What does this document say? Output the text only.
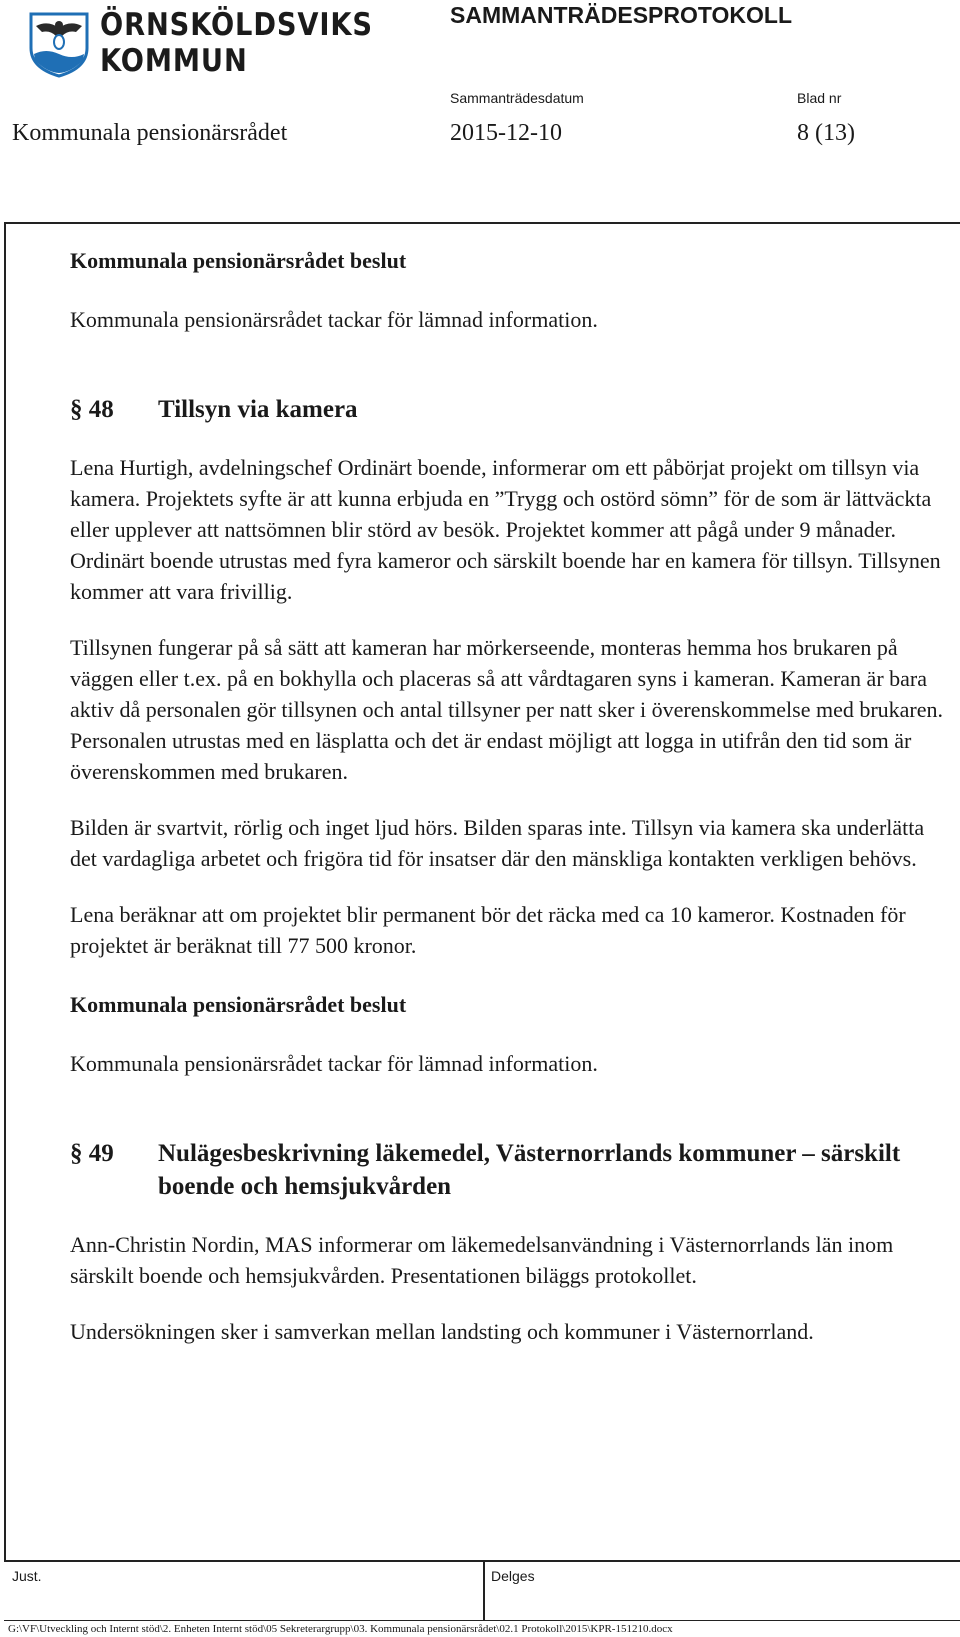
ÖRNSKÖLDSVIKS
KOMMUN
SAMMANTRÄDESPROTOKOLL
Sammanträdesdatum	Blad nr
Kommunala pensionärsrådet	2015-12-10	8 (13)

Kommunala pensionärsrådet beslut

Kommunala pensionärsrådet tackar för lämnad information.

§ 48	Tillsyn via kamera

Lena Hurtigh, avdelningschef Ordinärt boende, informerar om ett påbörjat projekt om tillsyn via kamera. Projektets syfte är att kunna erbjuda en ”Trygg och ostörd sömn” för de som är lättväckta eller upplever att nattsömnen blir störd av besök. Projektet kommer att pågå under 9 månader. Ordinärt boende utrustas med fyra kameror och särskilt boende har en kamera för tillsyn. Tillsynen kommer att vara frivillig.

Tillsynen fungerar på så sätt att kameran har mörkerseende, monteras hemma hos brukaren på väggen eller t.ex. på en bokhylla och placeras så att vårdtagaren syns i kameran. Kameran är bara aktiv då personalen gör tillsynen och antal tillsyner per natt sker i överenskommelse med brukaren. Personalen utrustas med en läsplatta och det är endast möjligt att logga in utifrån den tid som är överenskommen med brukaren.

Bilden är svartvit, rörlig och inget ljud hörs. Bilden sparas inte. Tillsyn via kamera ska underlätta det vardagliga arbetet och frigöra tid för insatser där den mänskliga kontakten verkligen behövs.

Lena beräknar att om projektet blir permanent bör det räcka med ca 10 kameror. Kostnaden för projektet är beräknat till 77 500 kronor.

Kommunala pensionärsrådet beslut

Kommunala pensionärsrådet tackar för lämnad information.

§ 49	Nulägesbeskrivning läkemedel, Västernorrlands kommuner – särskilt boende och hemsjukvården

Ann-Christin Nordin, MAS informerar om läkemedelsanvändning i Västernorrlands län inom särskilt boende och hemsjukvården. Presentationen biläggs protokollet.

Undersökningen sker i samverkan mellan landsting och kommuner i Västernorrland.

Just.	Delges
G:\VF\Utveckling och Internt stöd\2. Enheten Internt stöd\05 Sekreterargrupp\03. Kommunala pensionärsrådet\02.1 Protokoll\2015\KPR-151210.docx
